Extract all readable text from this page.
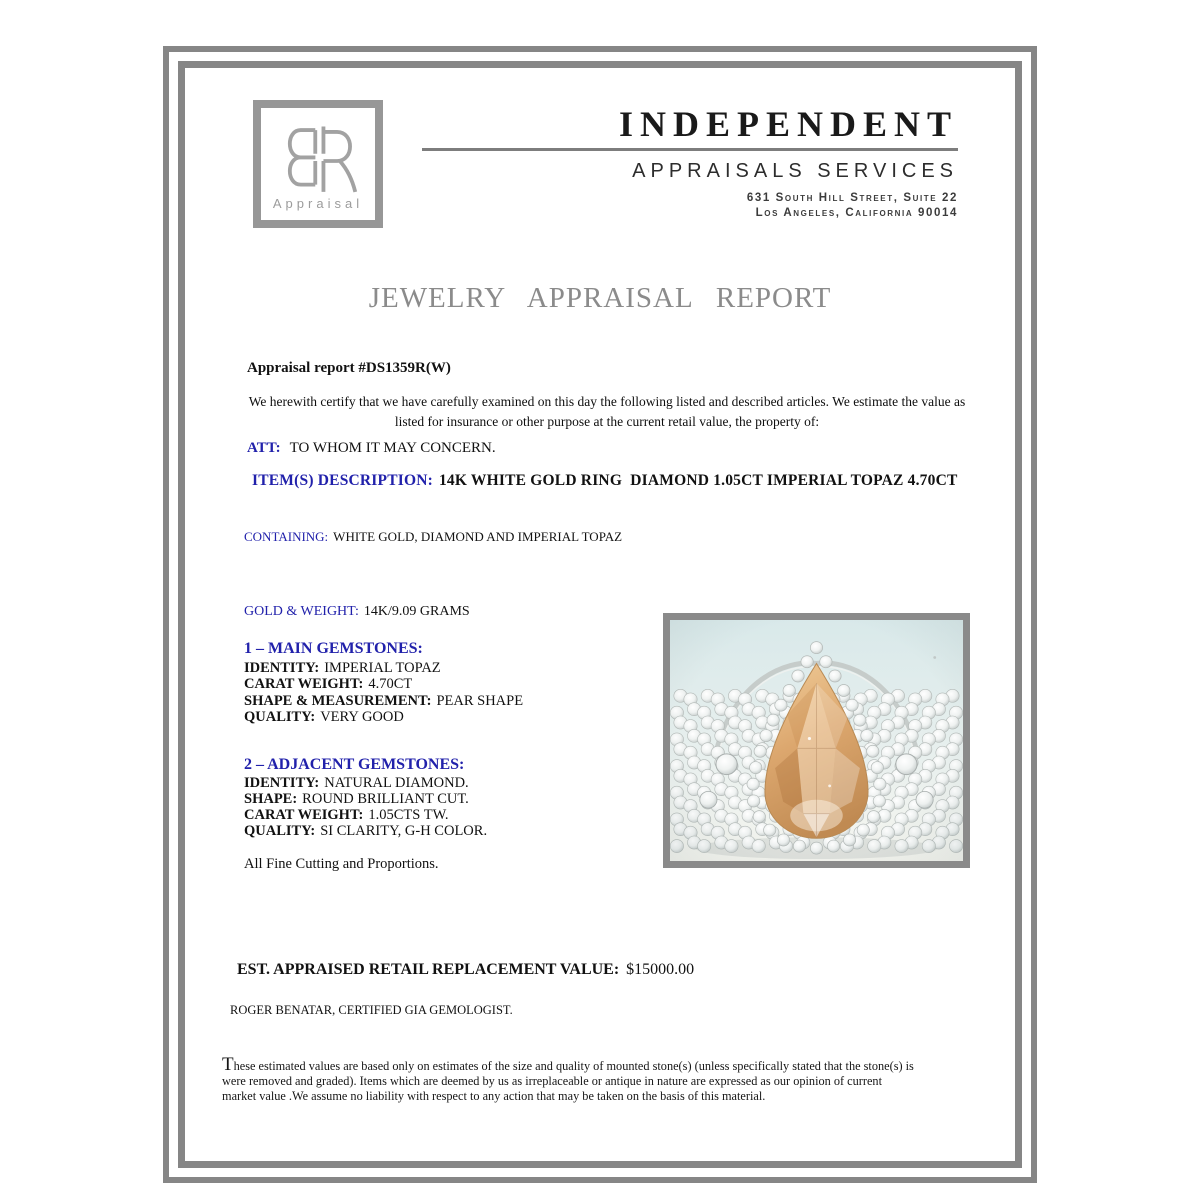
Appraisal
INDEPENDENT
APPRAISALS SERVICES
631 South Hill Street, Suite 22
Los Angeles, California 90014
JEWELRY APPRAISAL REPORT
Appraisal report #DS1359R(W)
We herewith certify that we have carefully examined on this day the following listed and described articles. We estimate the value as
listed for insurance or other purpose at the current retail value, the property of:
ATT: TO WHOM IT MAY CONCERN.
ITEM(S) DESCRIPTION: 14K WHITE GOLD RING  DIAMOND 1.05CT IMPERIAL TOPAZ 4.70CT
CONTAINING: WHITE GOLD, DIAMOND AND IMPERIAL TOPAZ
GOLD & WEIGHT: 14K/9.09 GRAMS
1 – MAIN GEMSTONES:
IDENTITY: IMPERIAL TOPAZ
CARAT WEIGHT: 4.70CT
SHAPE & MEASUREMENT: PEAR SHAPE
QUALITY: VERY GOOD
2 – ADJACENT GEMSTONES:
IDENTITY: NATURAL DIAMOND.
SHAPE: ROUND BRILLIANT CUT.
CARAT WEIGHT: 1.05CTS TW.
QUALITY: SI CLARITY, G-H COLOR.
All Fine Cutting and Proportions.
EST. APPRAISED RETAIL REPLACEMENT VALUE: $15000.00
ROGER BENATAR, CERTIFIED GIA GEMOLOGIST.
These estimated values are based only on estimates of the size and quality of mounted stone(s) (unless specifically stated that the stone(s) is
were removed and graded). Items which are deemed by us as irreplaceable or antique in nature are expressed as our opinion of current
market value .We assume no liability with respect to any action that may be taken on the basis of this material.
